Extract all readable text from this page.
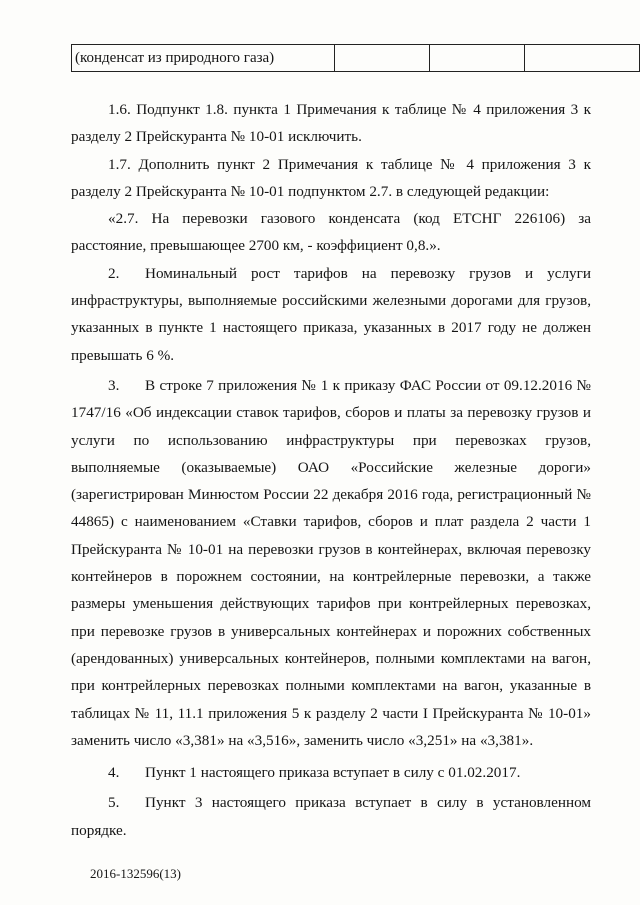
(конденсат из природного газа)			

1.6. Подпункт 1.8. пункта 1 Примечания к таблице № 4 приложения 3 к разделу 2 Прейскуранта № 10-01 исключить.

1.7. Дополнить пункт 2 Примечания к таблице № 4 приложения 3 к разделу 2 Прейскуранта № 10-01 подпунктом 2.7. в следующей редакции:

«2.7. На перевозки газового конденсата (код ЕТСНГ 226106) за расстояние, превышающее 2700 км, - коэффициент 0,8.».

2. Номинальный рост тарифов на перевозку грузов и услуги инфраструктуры, выполняемые российскими железными дорогами для грузов, указанных в пункте 1 настоящего приказа, указанных в 2017 году не должен превышать 6 %.

3. В строке 7 приложения № 1 к приказу ФАС России от 09.12.2016 № 1747/16 «Об индексации ставок тарифов, сборов и платы за перевозку грузов и услуги по использованию инфраструктуры при перевозках грузов, выполняемые (оказываемые) ОАО «Российские железные дороги» (зарегистрирован Минюстом России 22 декабря 2016 года, регистрационный № 44865) с наименованием «Ставки тарифов, сборов и плат раздела 2 части 1 Прейскуранта № 10-01 на перевозки грузов в контейнерах, включая перевозку контейнеров в порожнем состоянии, на контрейлерные перевозки, а также размеры уменьшения действующих тарифов при контрейлерных перевозках, при перевозке грузов в универсальных контейнерах и порожних собственных (арендованных) универсальных контейнеров, полными комплектами на вагон, при контрейлерных перевозках полными комплектами на вагон, указанные в таблицах № 11, 11.1 приложения 5 к разделу 2 части I Прейскуранта № 10-01» заменить число «3,381» на «3,516», заменить число «3,251» на «3,381».

4. Пункт 1 настоящего приказа вступает в силу с 01.02.2017.

5. Пункт 3 настоящего приказа вступает в силу в установленном порядке.

2016-132596(13)
